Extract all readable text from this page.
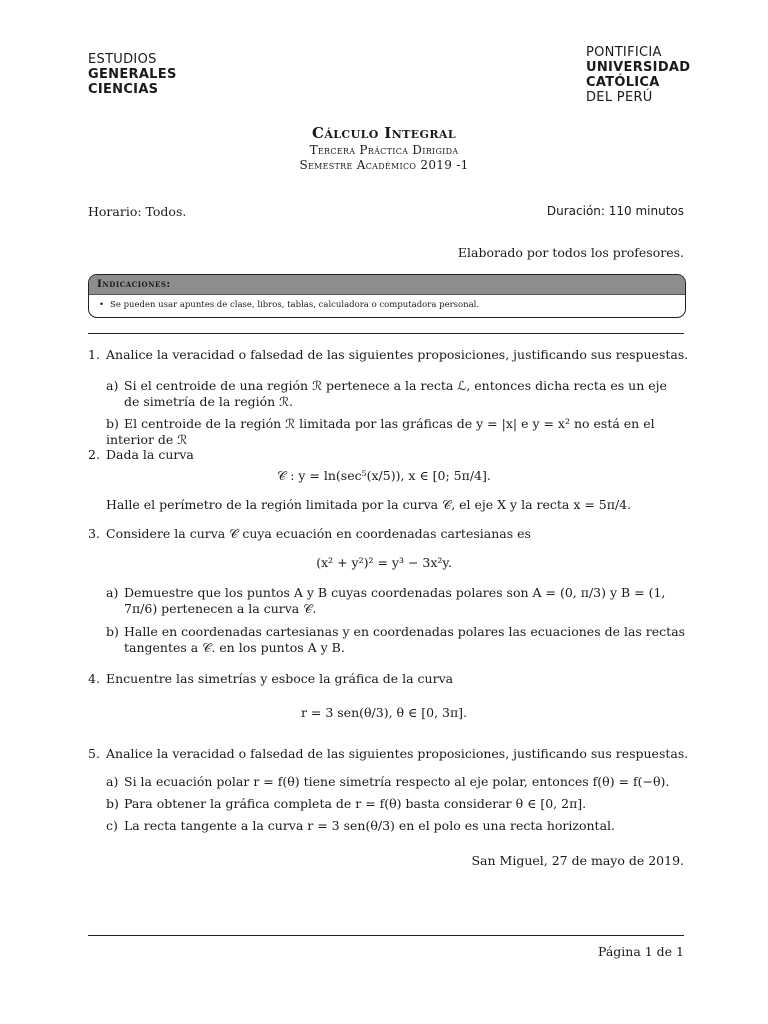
ESTUDIOS
GENERALES
CIENCIAS
PONTIFICIA
UNIVERSIDAD
CATÓLICA
DEL PERÚ
Cálculo Integral
Tercera Práctica Dirigida
Semestre Académico 2019 -1
Horario: Todos.	Duración: 110 minutos
Elaborado por todos los profesores.
Indicaciones:
• Se pueden usar apuntes de clase, libros, tablas, calculadora o computadora personal.
1. Analice la veracidad o falsedad de las siguientes proposiciones, justificando sus respuestas.
a) Si el centroide de una región ℛ pertenece a la recta ℒ, entonces dicha recta es un eje de simetría de la región ℛ.
b) El centroide de la región ℛ limitada por las gráficas de y = |x| e y = x² no está en el interior de ℛ
2. Dada la curva
𝒞 : y = ln(sec⁵(x/5)), x ∈ [0; 5π/4].
Halle el perímetro de la región limitada por la curva 𝒞, el eje X y la recta x = 5π/4.
3. Considere la curva 𝒞 cuya ecuación en coordenadas cartesianas es
(x² + y²)² = y³ − 3x²y.
a) Demuestre que los puntos A y B cuyas coordenadas polares son A = (0, π/3) y B = (1, 7π/6) pertenecen a la curva 𝒞.
b) Halle en coordenadas cartesianas y en coordenadas polares las ecuaciones de las rectas tangentes a 𝒞. en los puntos A y B.
4. Encuentre las simetrías y esboce la gráfica de la curva
r = 3 sen(θ/3), θ ∈ [0, 3π].
5. Analice la veracidad o falsedad de las siguientes proposiciones, justificando sus respuestas.
a) Si la ecuación polar r = f(θ) tiene simetría respecto al eje polar, entonces f(θ) = f(−θ).
b) Para obtener la gráfica completa de r = f(θ) basta considerar θ ∈ [0, 2π].
c) La recta tangente a la curva r = 3 sen(θ/3) en el polo es una recta horizontal.
San Miguel, 27 de mayo de 2019.
Página 1 de 1
